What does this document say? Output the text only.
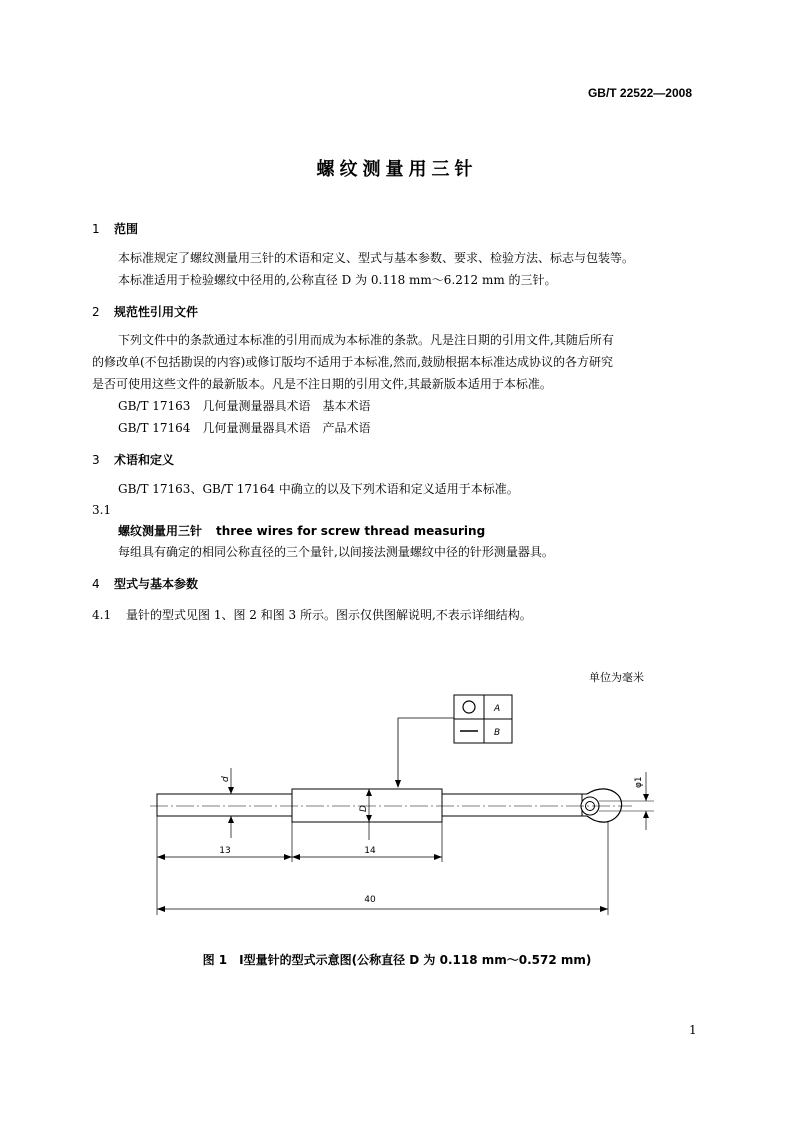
GB/T 22522—2008
螺纹测量用三针
1 范围
本标准规定了螺纹测量用三针的术语和定义、型式与基本参数、要求、检验方法、标志与包装等。
本标准适用于检验螺纹中径用的,公称直径 D 为 0.118 mm～6.212 mm 的三针。
2 规范性引用文件
下列文件中的条款通过本标准的引用而成为本标准的条款。凡是注日期的引用文件,其随后所有
的修改单(不包括勘误的内容)或修订版均不适用于本标准,然而,鼓励根据本标准达成协议的各方研究
是否可使用这些文件的最新版本。凡是不注日期的引用文件,其最新版本适用于本标准。
GB/T 17163　几何量测量器具术语　基本术语
GB/T 17164　几何量测量器具术语　产品术语
3 术语和定义
GB/T 17163、GB/T 17164 中确立的以及下列术语和定义适用于本标准。
3.1
螺纹测量用三针 three wires for screw thread measuring
每组具有确定的相同公称直径的三个量针,以间接法测量螺纹中径的针形测量器具。
4 型式与基本参数
4.1 量针的型式见图 1、图 2 和图 3 所示。图示仅供图解说明,不表示详细结构。
单位为毫米
A
B
d
D
φ1
13	14
40
图 1　Ⅰ型量针的型式示意图(公称直径 D 为 0.118 mm～0.572 mm)
1
